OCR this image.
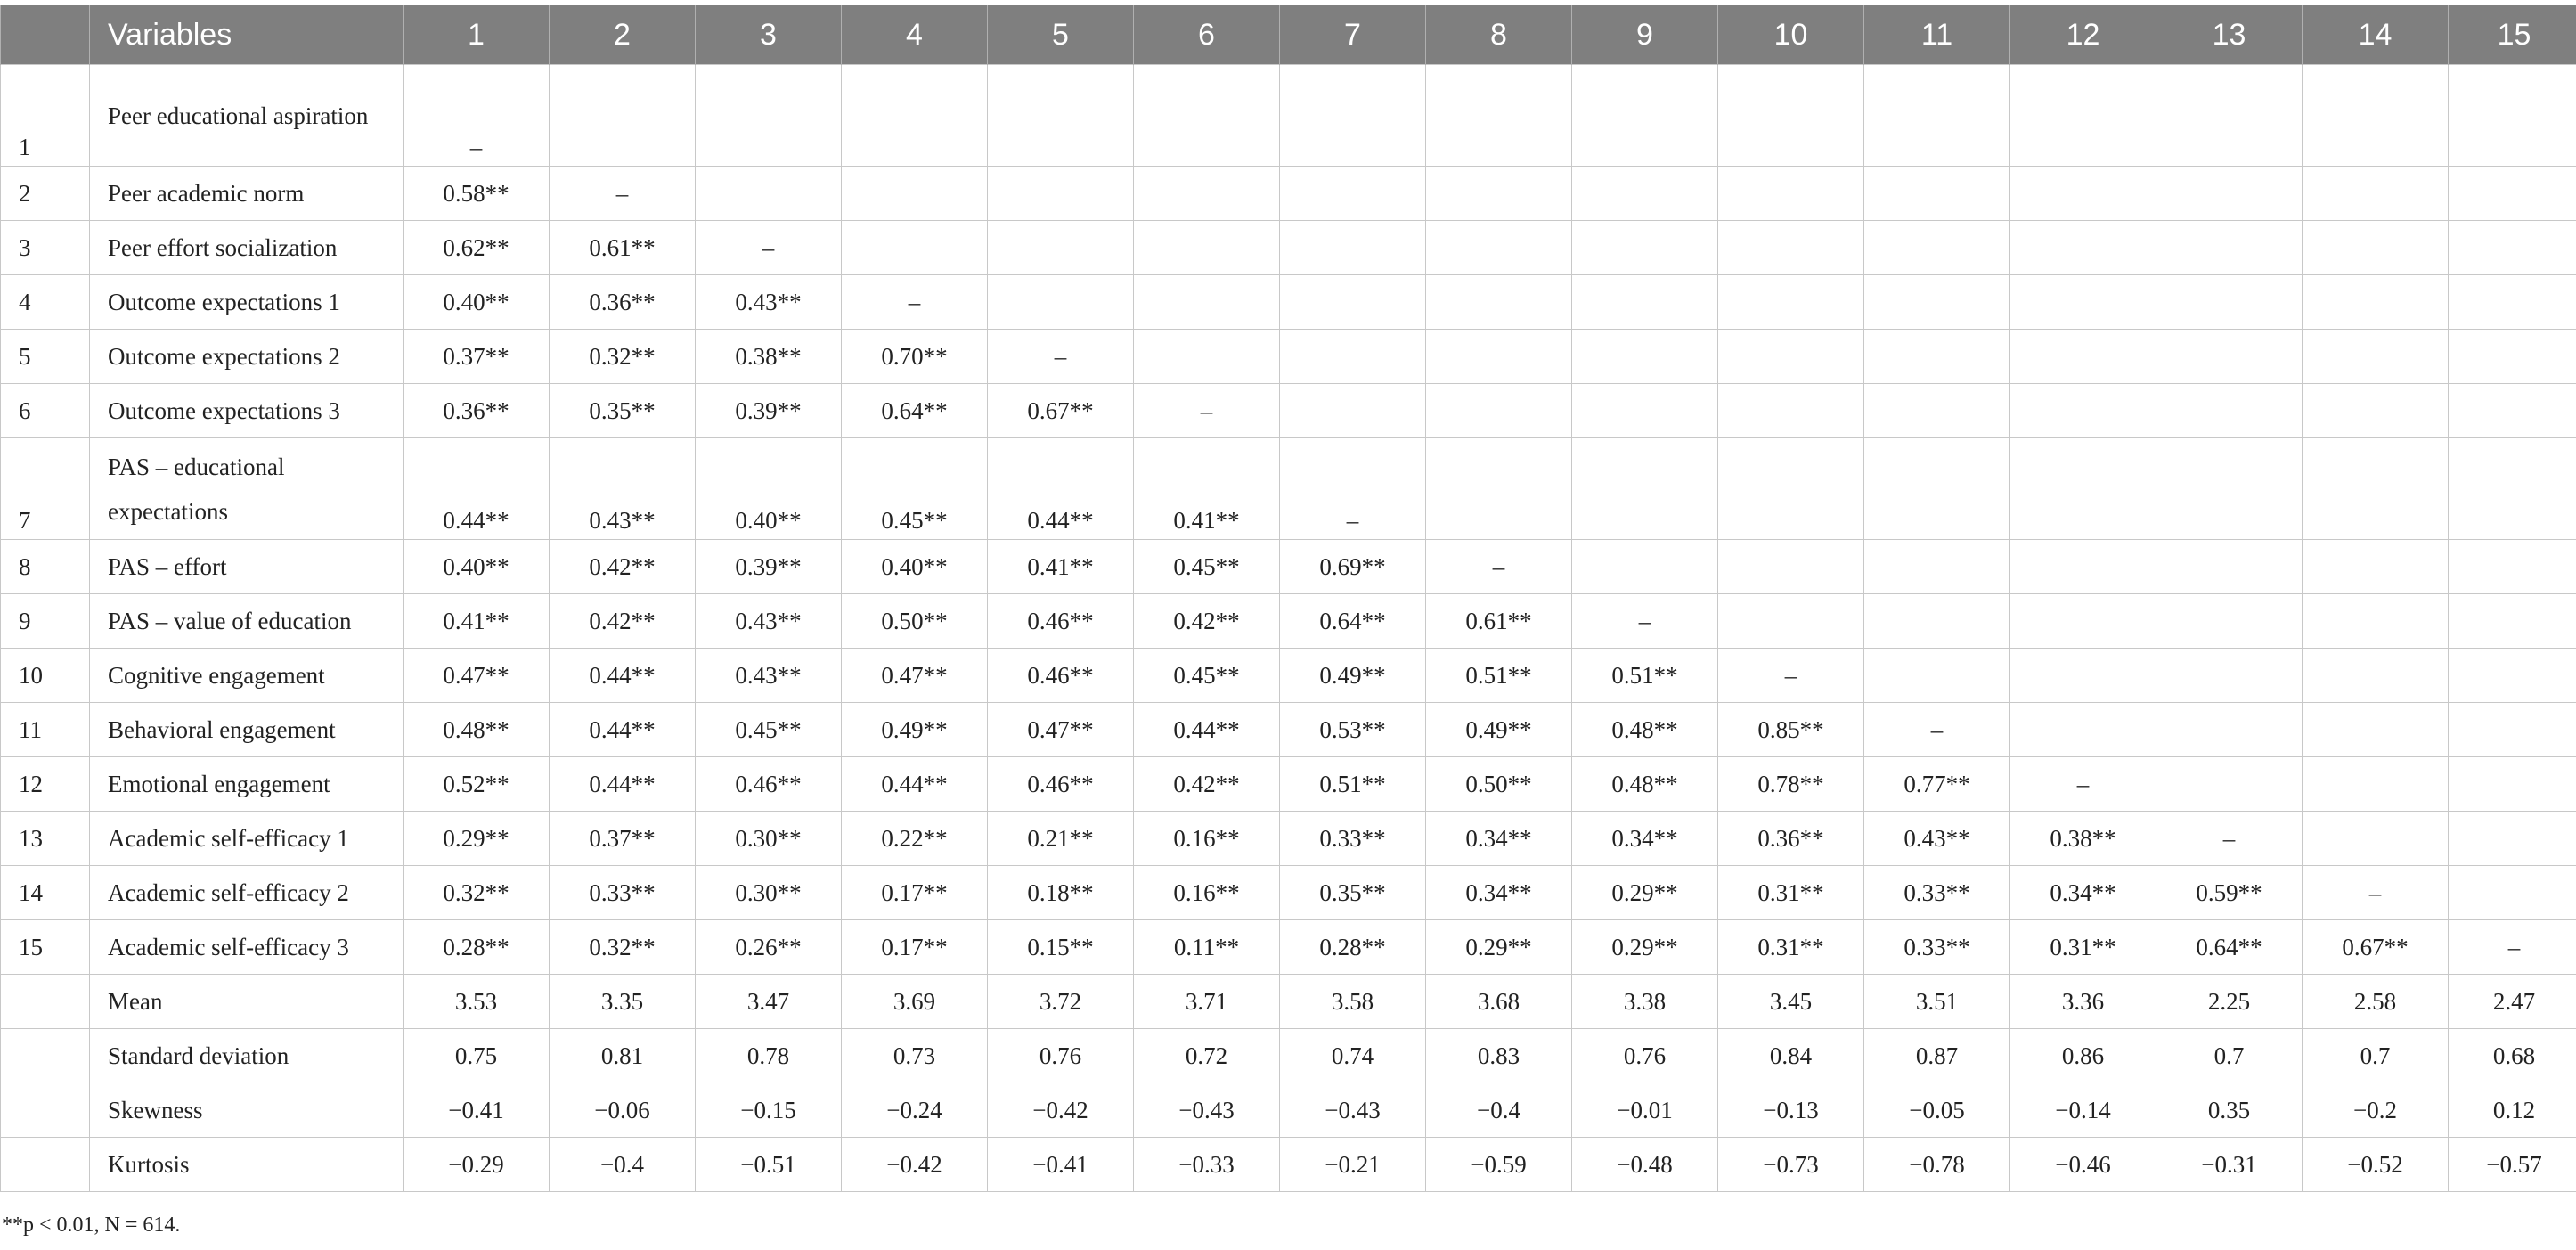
	Variables	1	2	3	4	5	6	7	8	9	10	11	12	13	14	15
1	Peer educational aspiration	–														
2	Peer academic norm	0.58**	–													
3	Peer effort socialization	0.62**	0.61**	–												
4	Outcome expectations 1	0.40**	0.36**	0.43**	–											
5	Outcome expectations 2	0.37**	0.32**	0.38**	0.70**	–										
6	Outcome expectations 3	0.36**	0.35**	0.39**	0.64**	0.67**	–									
7	PAS – educational expectations	0.44**	0.43**	0.40**	0.45**	0.44**	0.41**	–								
8	PAS – effort	0.40**	0.42**	0.39**	0.40**	0.41**	0.45**	0.69**	–							
9	PAS – value of education	0.41**	0.42**	0.43**	0.50**	0.46**	0.42**	0.64**	0.61**	–						
10	Cognitive engagement	0.47**	0.44**	0.43**	0.47**	0.46**	0.45**	0.49**	0.51**	0.51**	–					
11	Behavioral engagement	0.48**	0.44**	0.45**	0.49**	0.47**	0.44**	0.53**	0.49**	0.48**	0.85**	–				
12	Emotional engagement	0.52**	0.44**	0.46**	0.44**	0.46**	0.42**	0.51**	0.50**	0.48**	0.78**	0.77**	–			
13	Academic self-efficacy 1	0.29**	0.37**	0.30**	0.22**	0.21**	0.16**	0.33**	0.34**	0.34**	0.36**	0.43**	0.38**	–		
14	Academic self-efficacy 2	0.32**	0.33**	0.30**	0.17**	0.18**	0.16**	0.35**	0.34**	0.29**	0.31**	0.33**	0.34**	0.59**	–	
15	Academic self-efficacy 3	0.28**	0.32**	0.26**	0.17**	0.15**	0.11**	0.28**	0.29**	0.29**	0.31**	0.33**	0.31**	0.64**	0.67**	–
	Mean	3.53	3.35	3.47	3.69	3.72	3.71	3.58	3.68	3.38	3.45	3.51	3.36	2.25	2.58	2.47
	Standard deviation	0.75	0.81	0.78	0.73	0.76	0.72	0.74	0.83	0.76	0.84	0.87	0.86	0.7	0.7	0.68
	Skewness	−0.41	−0.06	−0.15	−0.24	−0.42	−0.43	−0.43	−0.4	−0.01	−0.13	−0.05	−0.14	0.35	−0.2	0.12
	Kurtosis	−0.29	−0.4	−0.51	−0.42	−0.41	−0.33	−0.21	−0.59	−0.48	−0.73	−0.78	−0.46	−0.31	−0.52	−0.57
**p < 0.01, N = 614.
